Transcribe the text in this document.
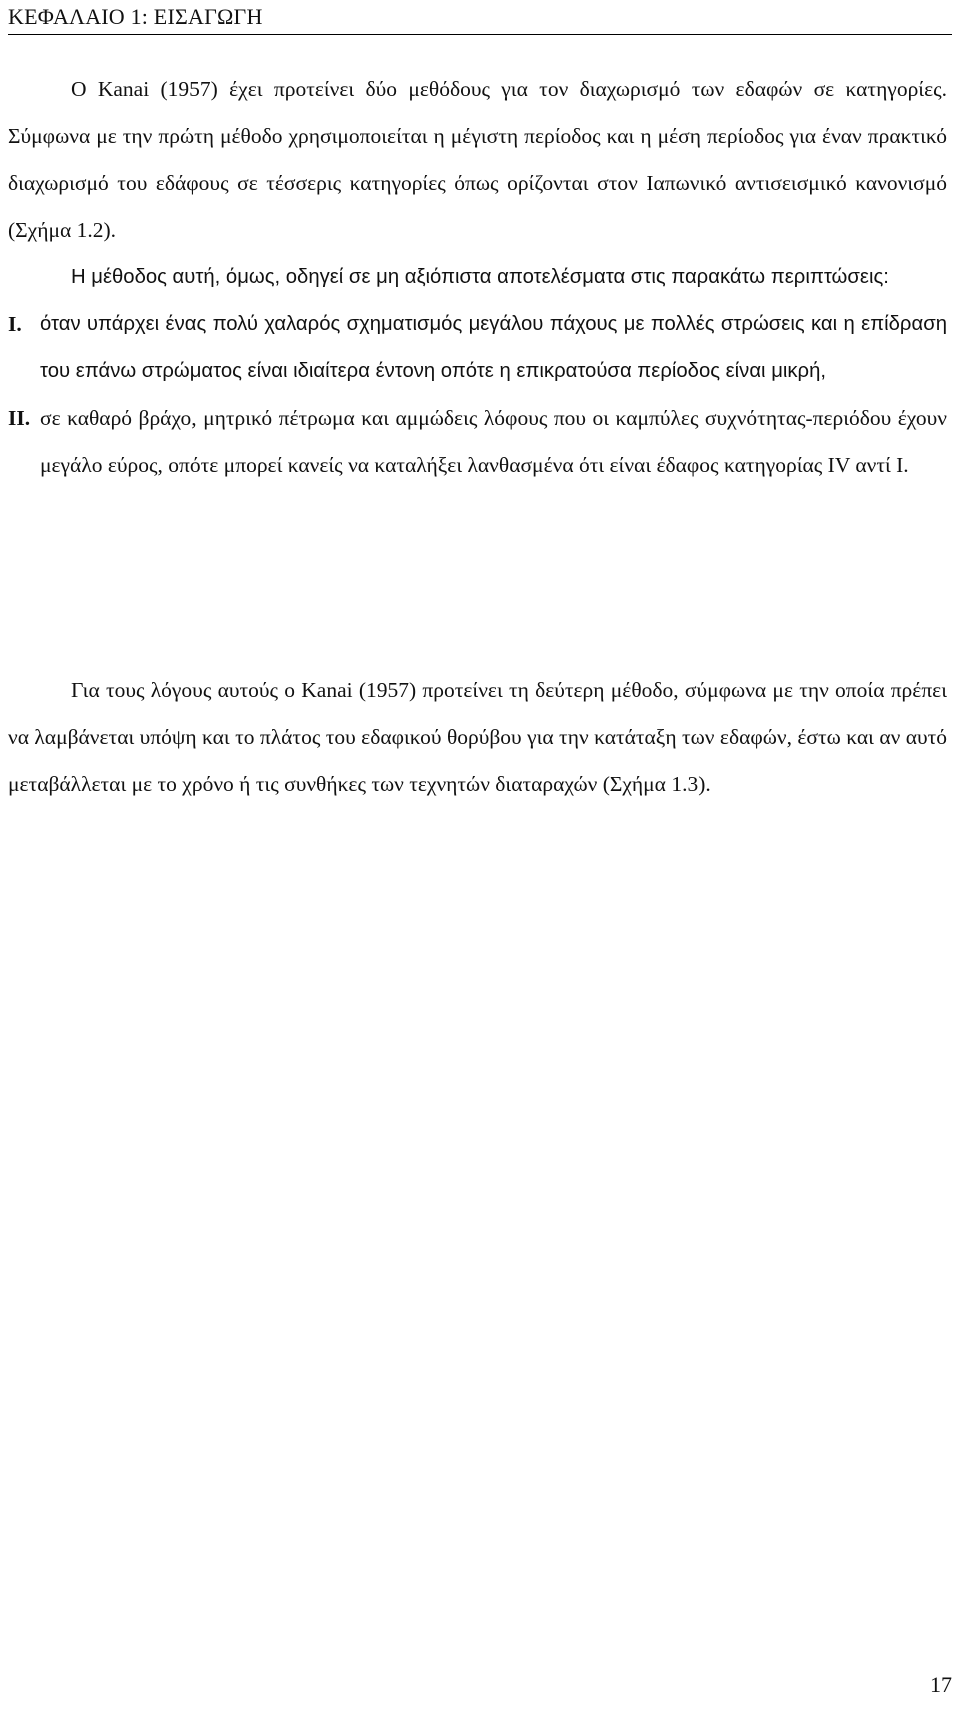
ΚΕΦΑΛΑΙΟ 1: ΕΙΣΑΓΩΓΗ

Ο Kanai (1957) έχει προτείνει δύο μεθόδους για τον διαχωρισμό των εδαφών σε κατηγορίες. Σύμφωνα με την πρώτη μέθοδο χρησιμοποιείται η μέγιστη περίοδος και η μέση περίοδος για έναν πρακτικό διαχωρισμό του εδάφους σε τέσσερις κατηγορίες όπως ορίζονται στον Ιαπωνικό αντισεισμικό κανονισμό (Σχήμα 1.2).

Η μέθοδος αυτή, όμως, οδηγεί σε μη αξιόπιστα αποτελέσματα στις παρακάτω περιπτώσεις:

I. όταν υπάρχει ένας πολύ χαλαρός σχηματισμός μεγάλου πάχους με πολλές στρώσεις και η επίδραση του επάνω στρώματος είναι ιδιαίτερα έντονη οπότε η επικρατούσα περίοδος είναι μικρή,
II. σε καθαρό βράχο, μητρικό πέτρωμα και αμμώδεις λόφους που οι καμπύλες συχνότητας-περιόδου έχουν μεγάλο εύρος, οπότε μπορεί κανείς να καταλήξει λανθασμένα ότι είναι έδαφος κατηγορίας IV αντί I.

Για τους λόγους αυτούς ο Kanai (1957) προτείνει τη δεύτερη μέθοδο, σύμφωνα με την οποία πρέπει να λαμβάνεται υπόψη και το πλάτος του εδαφικού θορύβου για την κατάταξη των εδαφών, έστω και αν αυτό μεταβάλλεται με το χρόνο ή τις συνθήκες των τεχνητών διαταραχών (Σχήμα 1.3).

17
